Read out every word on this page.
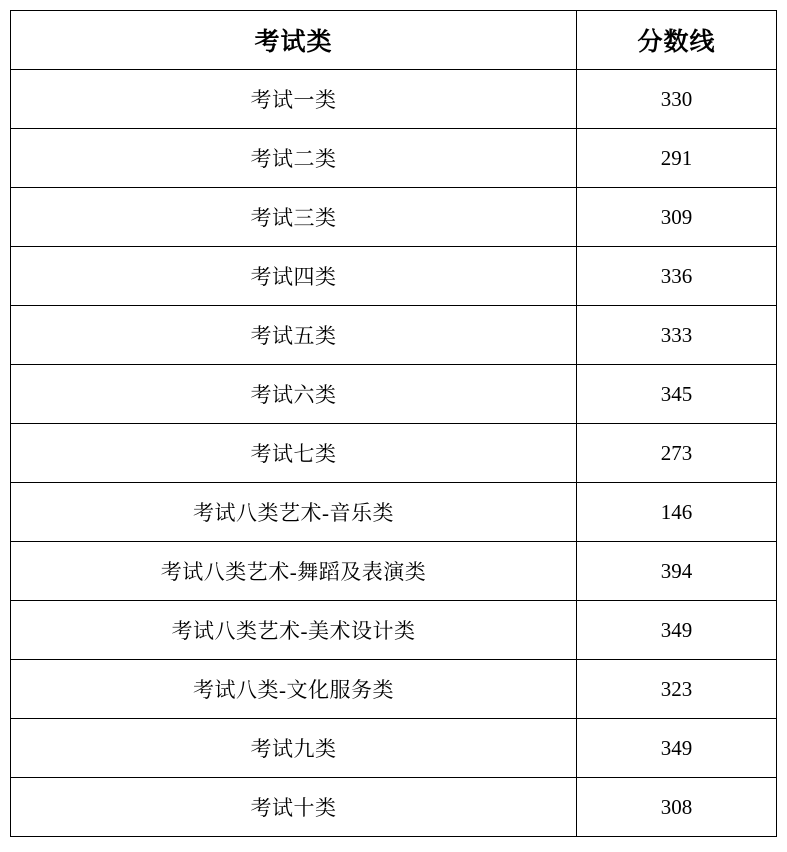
考试类	分数线
考试一类	330
考试二类	291
考试三类	309
考试四类	336
考试五类	333
考试六类	345
考试七类	273
考试八类艺术-音乐类	146
考试八类艺术-舞蹈及表演类	394
考试八类艺术-美术设计类	349
考试八类-文化服务类	323
考试九类	349
考试十类	308
